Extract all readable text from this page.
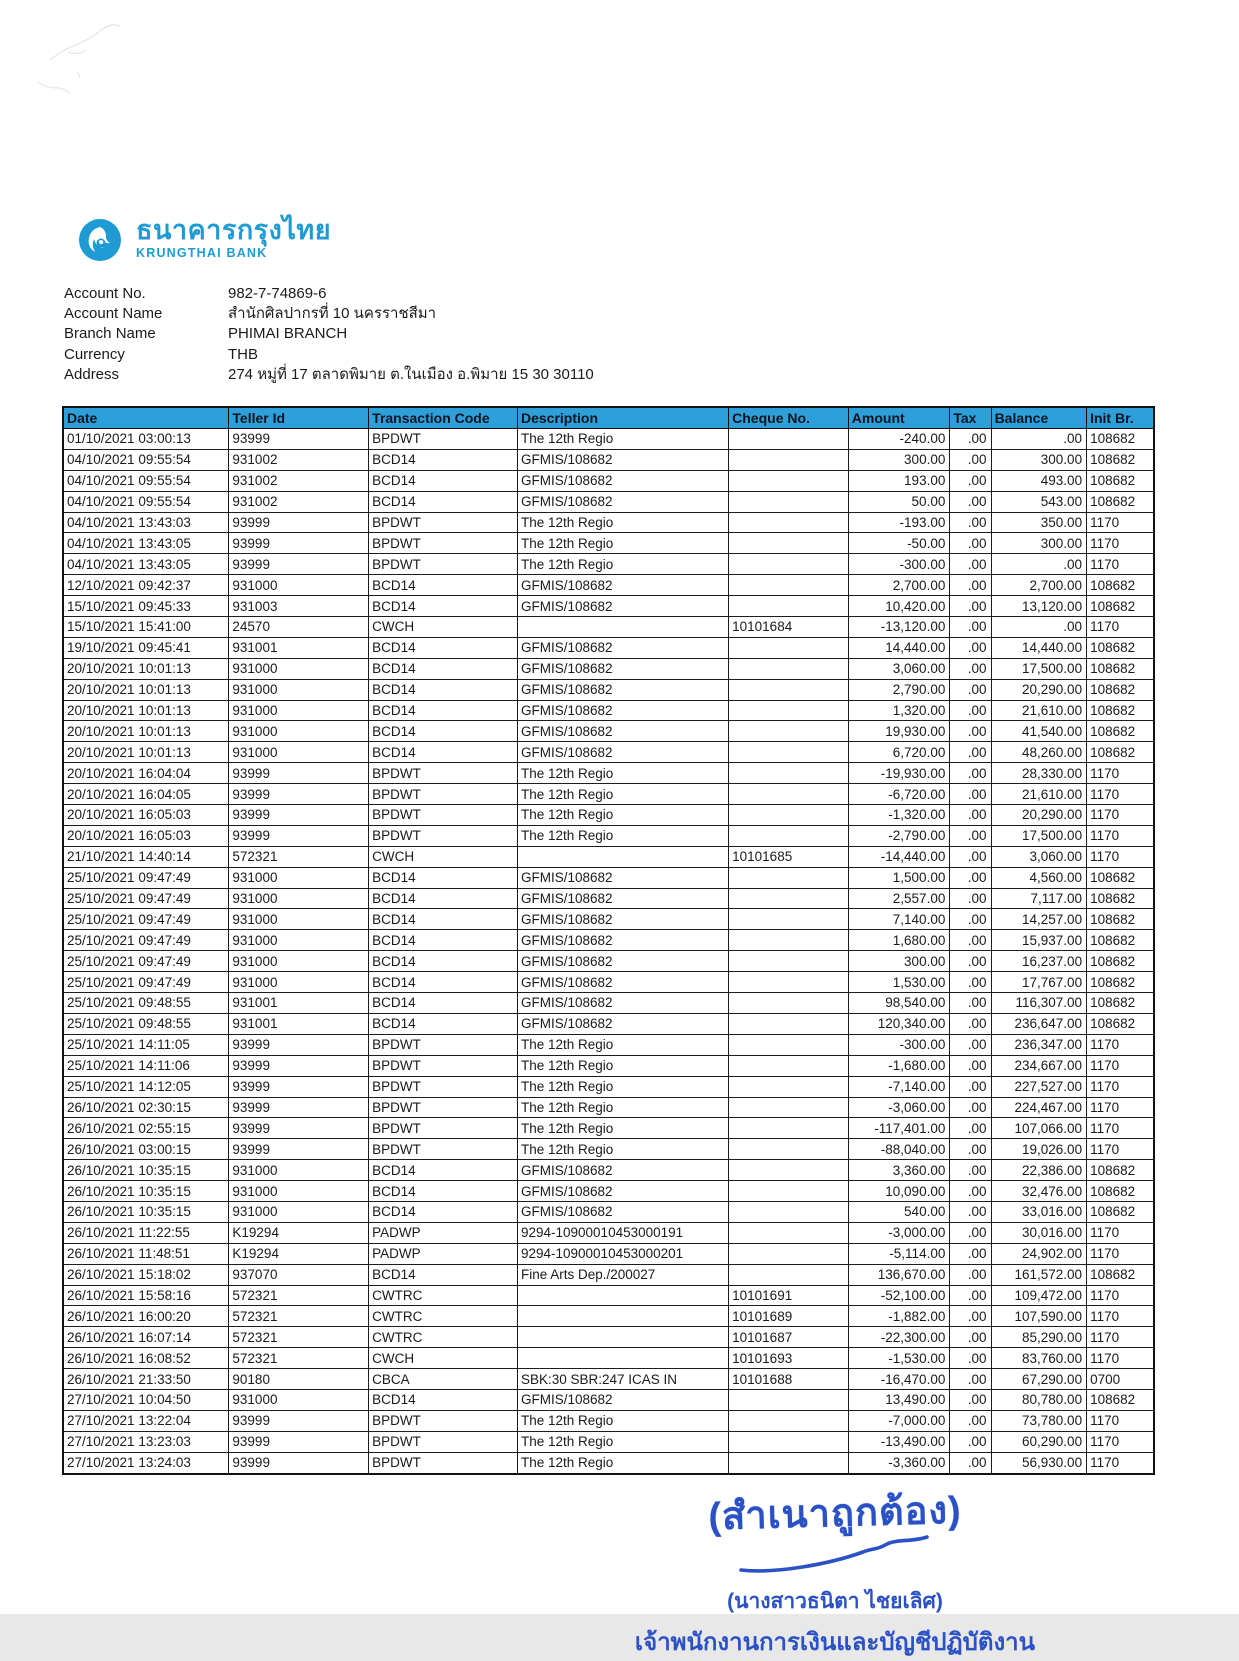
ธนาคารกรุงไทย
KRUNGTHAI BANK
Account No.	982-7-74869-6
Account Name	สำนักศิลปากรที่ 10 นครราชสีมา
Branch Name	PHIMAI BRANCH
Currency	THB
Address	274 หมู่ที่ 17 ตลาดพิมาย ต.ในเมือง อ.พิมาย 15 30 30110
Date	Teller Id	Transaction Code	Description	Cheque No.	Amount	Tax	Balance	Init Br.
01/10/2021 03:00:13	93999	BPDWT	The 12th Regio		-240.00	.00	.00	108682
04/10/2021 09:55:54	931002	BCD14	GFMIS/108682		300.00	.00	300.00	108682
04/10/2021 09:55:54	931002	BCD14	GFMIS/108682		193.00	.00	493.00	108682
04/10/2021 09:55:54	931002	BCD14	GFMIS/108682		50.00	.00	543.00	108682
04/10/2021 13:43:03	93999	BPDWT	The 12th Regio		-193.00	.00	350.00	1170
04/10/2021 13:43:05	93999	BPDWT	The 12th Regio		-50.00	.00	300.00	1170
04/10/2021 13:43:05	93999	BPDWT	The 12th Regio		-300.00	.00	.00	1170
12/10/2021 09:42:37	931000	BCD14	GFMIS/108682		2,700.00	.00	2,700.00	108682
15/10/2021 09:45:33	931003	BCD14	GFMIS/108682		10,420.00	.00	13,120.00	108682
15/10/2021 15:41:00	24570	CWCH		10101684	-13,120.00	.00	.00	1170
19/10/2021 09:45:41	931001	BCD14	GFMIS/108682		14,440.00	.00	14,440.00	108682
20/10/2021 10:01:13	931000	BCD14	GFMIS/108682		3,060.00	.00	17,500.00	108682
20/10/2021 10:01:13	931000	BCD14	GFMIS/108682		2,790.00	.00	20,290.00	108682
20/10/2021 10:01:13	931000	BCD14	GFMIS/108682		1,320.00	.00	21,610.00	108682
20/10/2021 10:01:13	931000	BCD14	GFMIS/108682		19,930.00	.00	41,540.00	108682
20/10/2021 10:01:13	931000	BCD14	GFMIS/108682		6,720.00	.00	48,260.00	108682
20/10/2021 16:04:04	93999	BPDWT	The 12th Regio		-19,930.00	.00	28,330.00	1170
20/10/2021 16:04:05	93999	BPDWT	The 12th Regio		-6,720.00	.00	21,610.00	1170
20/10/2021 16:05:03	93999	BPDWT	The 12th Regio		-1,320.00	.00	20,290.00	1170
20/10/2021 16:05:03	93999	BPDWT	The 12th Regio		-2,790.00	.00	17,500.00	1170
21/10/2021 14:40:14	572321	CWCH		10101685	-14,440.00	.00	3,060.00	1170
25/10/2021 09:47:49	931000	BCD14	GFMIS/108682		1,500.00	.00	4,560.00	108682
25/10/2021 09:47:49	931000	BCD14	GFMIS/108682		2,557.00	.00	7,117.00	108682
25/10/2021 09:47:49	931000	BCD14	GFMIS/108682		7,140.00	.00	14,257.00	108682
25/10/2021 09:47:49	931000	BCD14	GFMIS/108682		1,680.00	.00	15,937.00	108682
25/10/2021 09:47:49	931000	BCD14	GFMIS/108682		300.00	.00	16,237.00	108682
25/10/2021 09:47:49	931000	BCD14	GFMIS/108682		1,530.00	.00	17,767.00	108682
25/10/2021 09:48:55	931001	BCD14	GFMIS/108682		98,540.00	.00	116,307.00	108682
25/10/2021 09:48:55	931001	BCD14	GFMIS/108682		120,340.00	.00	236,647.00	108682
25/10/2021 14:11:05	93999	BPDWT	The 12th Regio		-300.00	.00	236,347.00	1170
25/10/2021 14:11:06	93999	BPDWT	The 12th Regio		-1,680.00	.00	234,667.00	1170
25/10/2021 14:12:05	93999	BPDWT	The 12th Regio		-7,140.00	.00	227,527.00	1170
26/10/2021 02:30:15	93999	BPDWT	The 12th Regio		-3,060.00	.00	224,467.00	1170
26/10/2021 02:55:15	93999	BPDWT	The 12th Regio		-117,401.00	.00	107,066.00	1170
26/10/2021 03:00:15	93999	BPDWT	The 12th Regio		-88,040.00	.00	19,026.00	1170
26/10/2021 10:35:15	931000	BCD14	GFMIS/108682		3,360.00	.00	22,386.00	108682
26/10/2021 10:35:15	931000	BCD14	GFMIS/108682		10,090.00	.00	32,476.00	108682
26/10/2021 10:35:15	931000	BCD14	GFMIS/108682		540.00	.00	33,016.00	108682
26/10/2021 11:22:55	K19294	PADWP	9294-10900010453000191		-3,000.00	.00	30,016.00	1170
26/10/2021 11:48:51	K19294	PADWP	9294-10900010453000201		-5,114.00	.00	24,902.00	1170
26/10/2021 15:18:02	937070	BCD14	Fine Arts Dep./200027		136,670.00	.00	161,572.00	108682
26/10/2021 15:58:16	572321	CWTRC		10101691	-52,100.00	.00	109,472.00	1170
26/10/2021 16:00:20	572321	CWTRC		10101689	-1,882.00	.00	107,590.00	1170
26/10/2021 16:07:14	572321	CWTRC		10101687	-22,300.00	.00	85,290.00	1170
26/10/2021 16:08:52	572321	CWCH		10101693	-1,530.00	.00	83,760.00	1170
26/10/2021 21:33:50	90180	CBCA	SBK:30 SBR:247 ICAS IN	10101688	-16,470.00	.00	67,290.00	0700
27/10/2021 10:04:50	931000	BCD14	GFMIS/108682		13,490.00	.00	80,780.00	108682
27/10/2021 13:22:04	93999	BPDWT	The 12th Regio		-7,000.00	.00	73,780.00	1170
27/10/2021 13:23:03	93999	BPDWT	The 12th Regio		-13,490.00	.00	60,290.00	1170
27/10/2021 13:24:03	93999	BPDWT	The 12th Regio		-3,360.00	.00	56,930.00	1170
(สำเนาถูกต้อง)
(นางสาวธนิตา ไชยเลิศ)
เจ้าพนักงานการเงินและบัญชีปฏิบัติงาน
